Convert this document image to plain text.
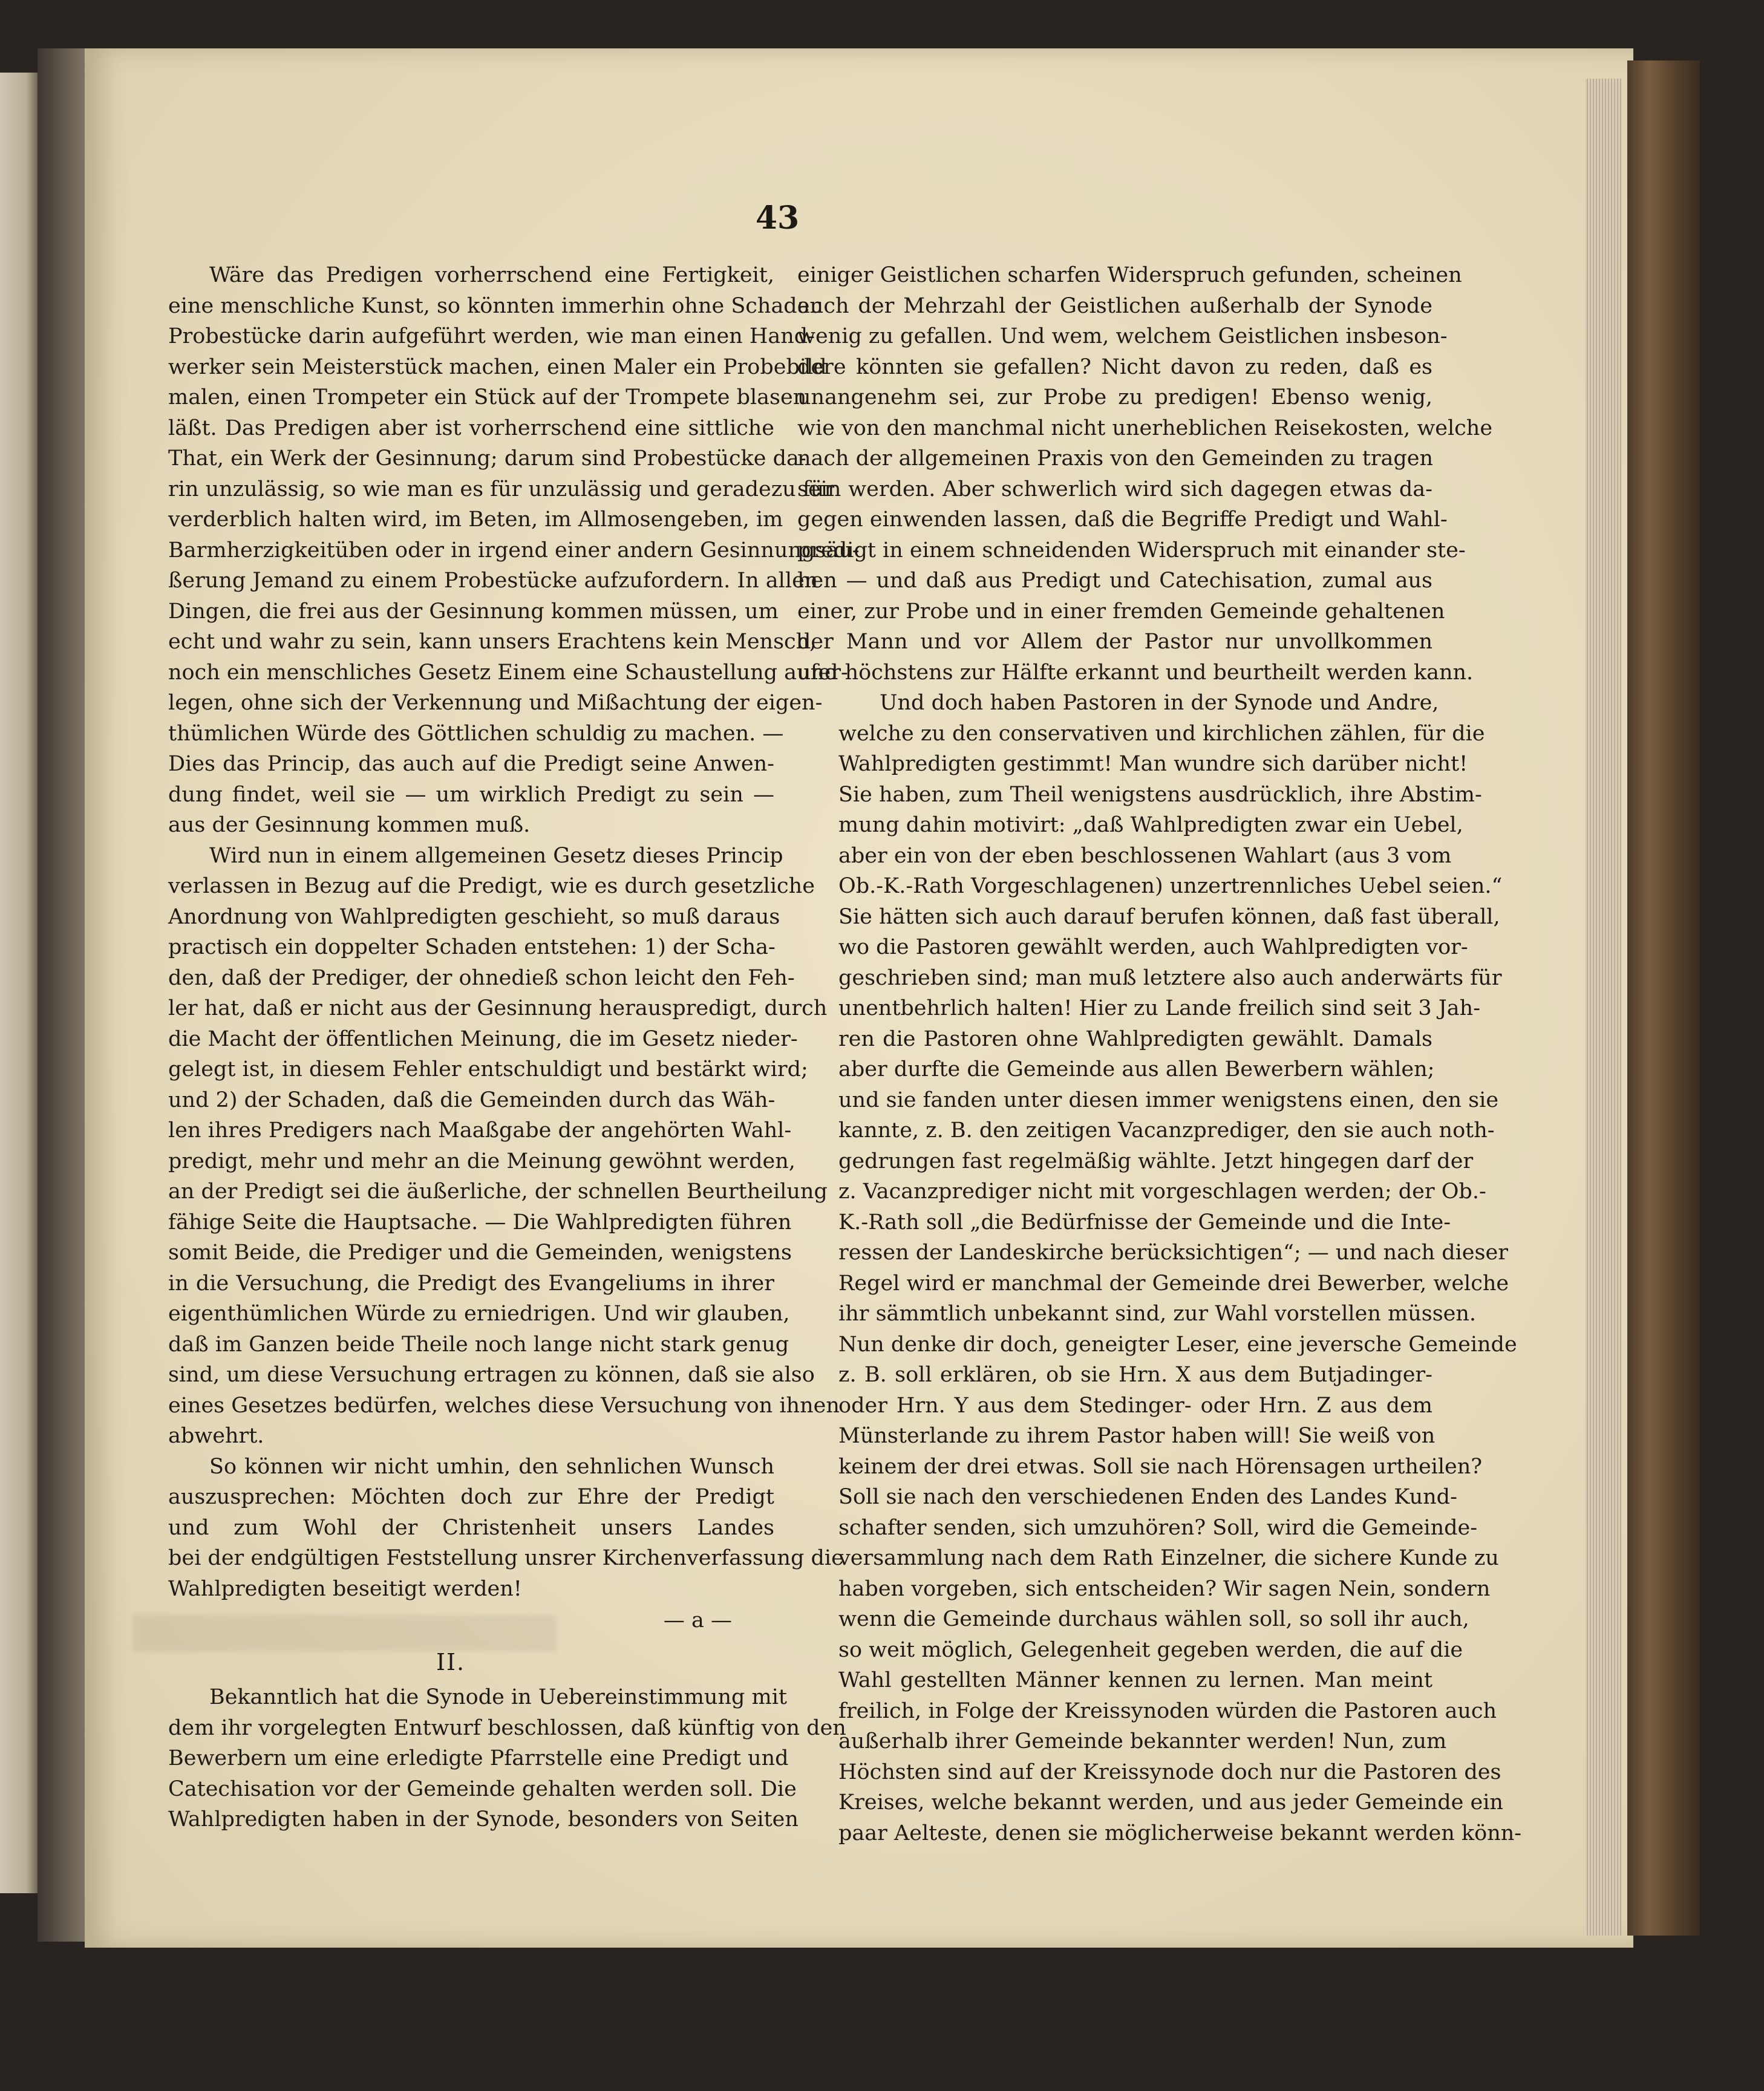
43

Wäre das Predigen vorherrschend eine Fertigkeit,
eine menschliche Kunst, so könnten immerhin ohne Schaden
Probestücke darin aufgeführt werden, wie man einen Hand-
werker sein Meisterstück machen, einen Maler ein Probebild
malen, einen Trompeter ein Stück auf der Trompete blasen
läßt. Das Predigen aber ist vorherrschend eine sittliche
That, ein Werk der Gesinnung; darum sind Probestücke da-
rin unzulässig, so wie man es für unzulässig und geradezu für
verderblich halten wird, im Beten, im Allmosengeben, im
Barmherzigkeitüben oder in irgend einer andern Gesinnungsäu-
ßerung Jemand zu einem Probestücke aufzufordern. In allen
Dingen, die frei aus der Gesinnung kommen müssen, um
echt und wahr zu sein, kann unsers Erachtens kein Mensch,
noch ein menschliches Gesetz Einem eine Schaustellung aufer-
legen, ohne sich der Verkennung und Mißachtung der eigen-
thümlichen Würde des Göttlichen schuldig zu machen. —
Dies das Princip, das auch auf die Predigt seine Anwen-
dung findet, weil sie — um wirklich Predigt zu sein —
aus der Gesinnung kommen muß.

Wird nun in einem allgemeinen Gesetz dieses Princip
verlassen in Bezug auf die Predigt, wie es durch gesetzliche
Anordnung von Wahlpredigten geschieht, so muß daraus
practisch ein doppelter Schaden entstehen: 1) der Scha-
den, daß der Prediger, der ohnedieß schon leicht den Feh-
ler hat, daß er nicht aus der Gesinnung herauspredigt, durch
die Macht der öffentlichen Meinung, die im Gesetz nieder-
gelegt ist, in diesem Fehler entschuldigt und bestärkt wird;
und 2) der Schaden, daß die Gemeinden durch das Wäh-
len ihres Predigers nach Maaßgabe der angehörten Wahl-
predigt, mehr und mehr an die Meinung gewöhnt werden,
an der Predigt sei die äußerliche, der schnellen Beurtheilung
fähige Seite die Hauptsache. — Die Wahlpredigten führen
somit Beide, die Prediger und die Gemeinden, wenigstens
in die Versuchung, die Predigt des Evangeliums in ihrer
eigenthümlichen Würde zu erniedrigen. Und wir glauben,
daß im Ganzen beide Theile noch lange nicht stark genug
sind, um diese Versuchung ertragen zu können, daß sie also
eines Gesetzes bedürfen, welches diese Versuchung von ihnen
abwehrt.

So können wir nicht umhin, den sehnlichen Wunsch
auszusprechen: Möchten doch zur Ehre der Predigt
und zum Wohl der Christenheit unsers Landes
bei der endgültigen Feststellung unsrer Kirchenverfassung die
Wahlpredigten beseitigt werden!

— a —
II.

Bekanntlich hat die Synode in Uebereinstimmung mit
dem ihr vorgelegten Entwurf beschlossen, daß künftig von den
Bewerbern um eine erledigte Pfarrstelle eine Predigt und
Catechisation vor der Gemeinde gehalten werden soll. Die
Wahlpredigten haben in der Synode, besonders von Seiten

einiger Geistlichen scharfen Widerspruch gefunden, scheinen
auch der Mehrzahl der Geistlichen außerhalb der Synode
wenig zu gefallen. Und wem, welchem Geistlichen insbeson-
dere könnten sie gefallen? Nicht davon zu reden, daß es
unangenehm sei, zur Probe zu predigen! Ebenso wenig,
wie von den manchmal nicht unerheblichen Reisekosten, welche
nach der allgemeinen Praxis von den Gemeinden zu tragen
sein werden. Aber schwerlich wird sich dagegen etwas da-
gegen einwenden lassen, daß die Begriffe Predigt und Wahl-
predigt in einem schneidenden Widerspruch mit einander ste-
hen — und daß aus Predigt und Catechisation, zumal aus
einer, zur Probe und in einer fremden Gemeinde gehaltenen
der Mann und vor Allem der Pastor nur unvollkommen
und höchstens zur Hälfte erkannt und beurtheilt werden kann.

Und doch haben Pastoren in der Synode und Andre,
welche zu den conservativen und kirchlichen zählen, für die
Wahlpredigten gestimmt! Man wundre sich darüber nicht!
Sie haben, zum Theil wenigstens ausdrücklich, ihre Abstim-
mung dahin motivirt: „daß Wahlpredigten zwar ein Uebel,
aber ein von der eben beschlossenen Wahlart (aus 3 vom
Ob.-K.-Rath Vorgeschlagenen) unzertrennliches Uebel seien.“
Sie hätten sich auch darauf berufen können, daß fast überall,
wo die Pastoren gewählt werden, auch Wahlpredigten vor-
geschrieben sind; man muß letztere also auch anderwärts für
unentbehrlich halten! Hier zu Lande freilich sind seit 3 Jah-
ren die Pastoren ohne Wahlpredigten gewählt. Damals
aber durfte die Gemeinde aus allen Bewerbern wählen;
und sie fanden unter diesen immer wenigstens einen, den sie
kannte, z. B. den zeitigen Vacanzprediger, den sie auch noth-
gedrungen fast regelmäßig wählte. Jetzt hingegen darf der
z. Vacanzprediger nicht mit vorgeschlagen werden; der Ob.-
K.-Rath soll „die Bedürfnisse der Gemeinde und die Inte-
ressen der Landeskirche berücksichtigen“; — und nach dieser
Regel wird er manchmal der Gemeinde drei Bewerber, welche
ihr sämmtlich unbekannt sind, zur Wahl vorstellen müssen.
Nun denke dir doch, geneigter Leser, eine jeversche Gemeinde
z. B. soll erklären, ob sie Hrn. X aus dem Butjadinger-
oder Hrn. Y aus dem Stedinger- oder Hrn. Z aus dem
Münsterlande zu ihrem Pastor haben will! Sie weiß von
keinem der drei etwas. Soll sie nach Hörensagen urtheilen?
Soll sie nach den verschiedenen Enden des Landes Kund-
schafter senden, sich umzuhören? Soll, wird die Gemeinde-
versammlung nach dem Rath Einzelner, die sichere Kunde zu
haben vorgeben, sich entscheiden? Wir sagen Nein, sondern
wenn die Gemeinde durchaus wählen soll, so soll ihr auch,
so weit möglich, Gelegenheit gegeben werden, die auf die
Wahl gestellten Männer kennen zu lernen. Man meint
freilich, in Folge der Kreissynoden würden die Pastoren auch
außerhalb ihrer Gemeinde bekannter werden! Nun, zum
Höchsten sind auf der Kreissynode doch nur die Pastoren des
Kreises, welche bekannt werden, und aus jeder Gemeinde ein
paar Aelteste, denen sie möglicherweise bekannt werden könn-
